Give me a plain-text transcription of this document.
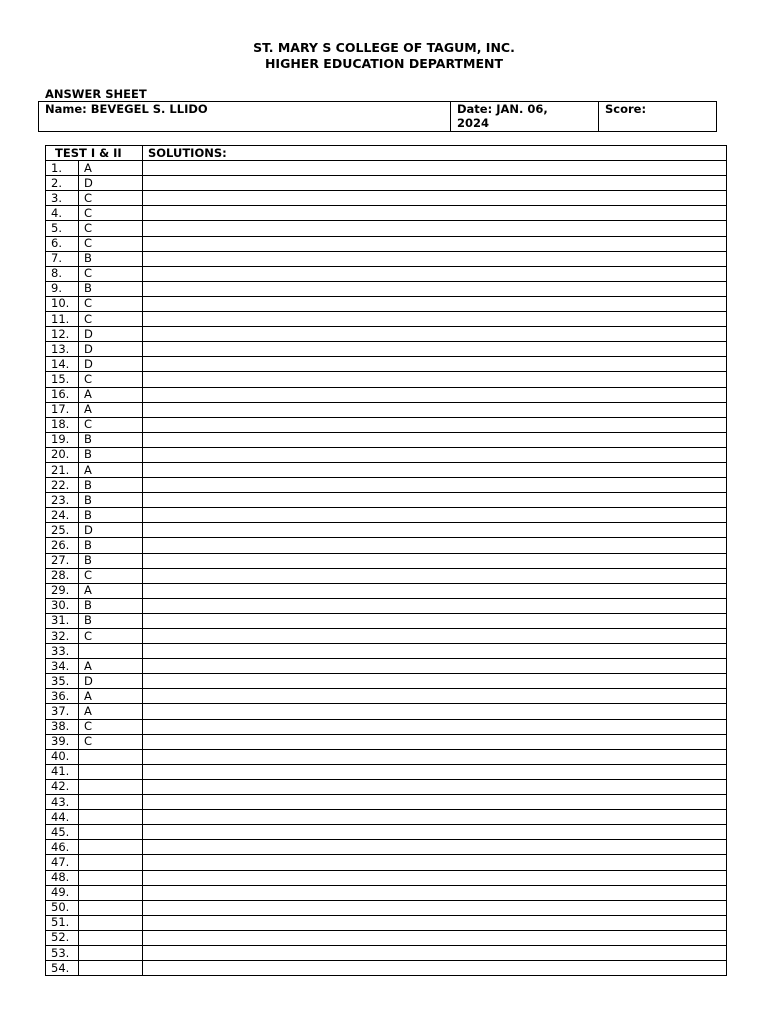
ST. MARY S COLLEGE OF TAGUM, INC.
HIGHER EDUCATION DEPARTMENT
ANSWER SHEET
Name: BEVEGEL S. LLIDO	Date: JAN. 06,
2024
	Score:
TEST I & II		SOLUTIONS:
1.	A	
2.	D	
3.	C	
4.	C	
5.	C	
6.	C	
7.	B	
8.	C	
9.	B	
10.	C	
11.	C	
12.	D	
13.	D	
14.	D	
15.	C	
16.	A	
17.	A	
18.	C	
19.	B	
20.	B	
21.	A	
22.	B	
23.	B	
24.	B	
25.	D	
26.	B	
27.	B	
28.	C	
29.	A	
30.	B	
31.	B	
32.	C	
33.		
34.	A	
35.	D	
36.	A	
37.	A	
38.	C	
39.	C	
40.		
41.		
42.		
43.		
44.		
45.		
46.		
47.		
48.		
49.		
50.		
51.		
52.		
53.		
54.		
